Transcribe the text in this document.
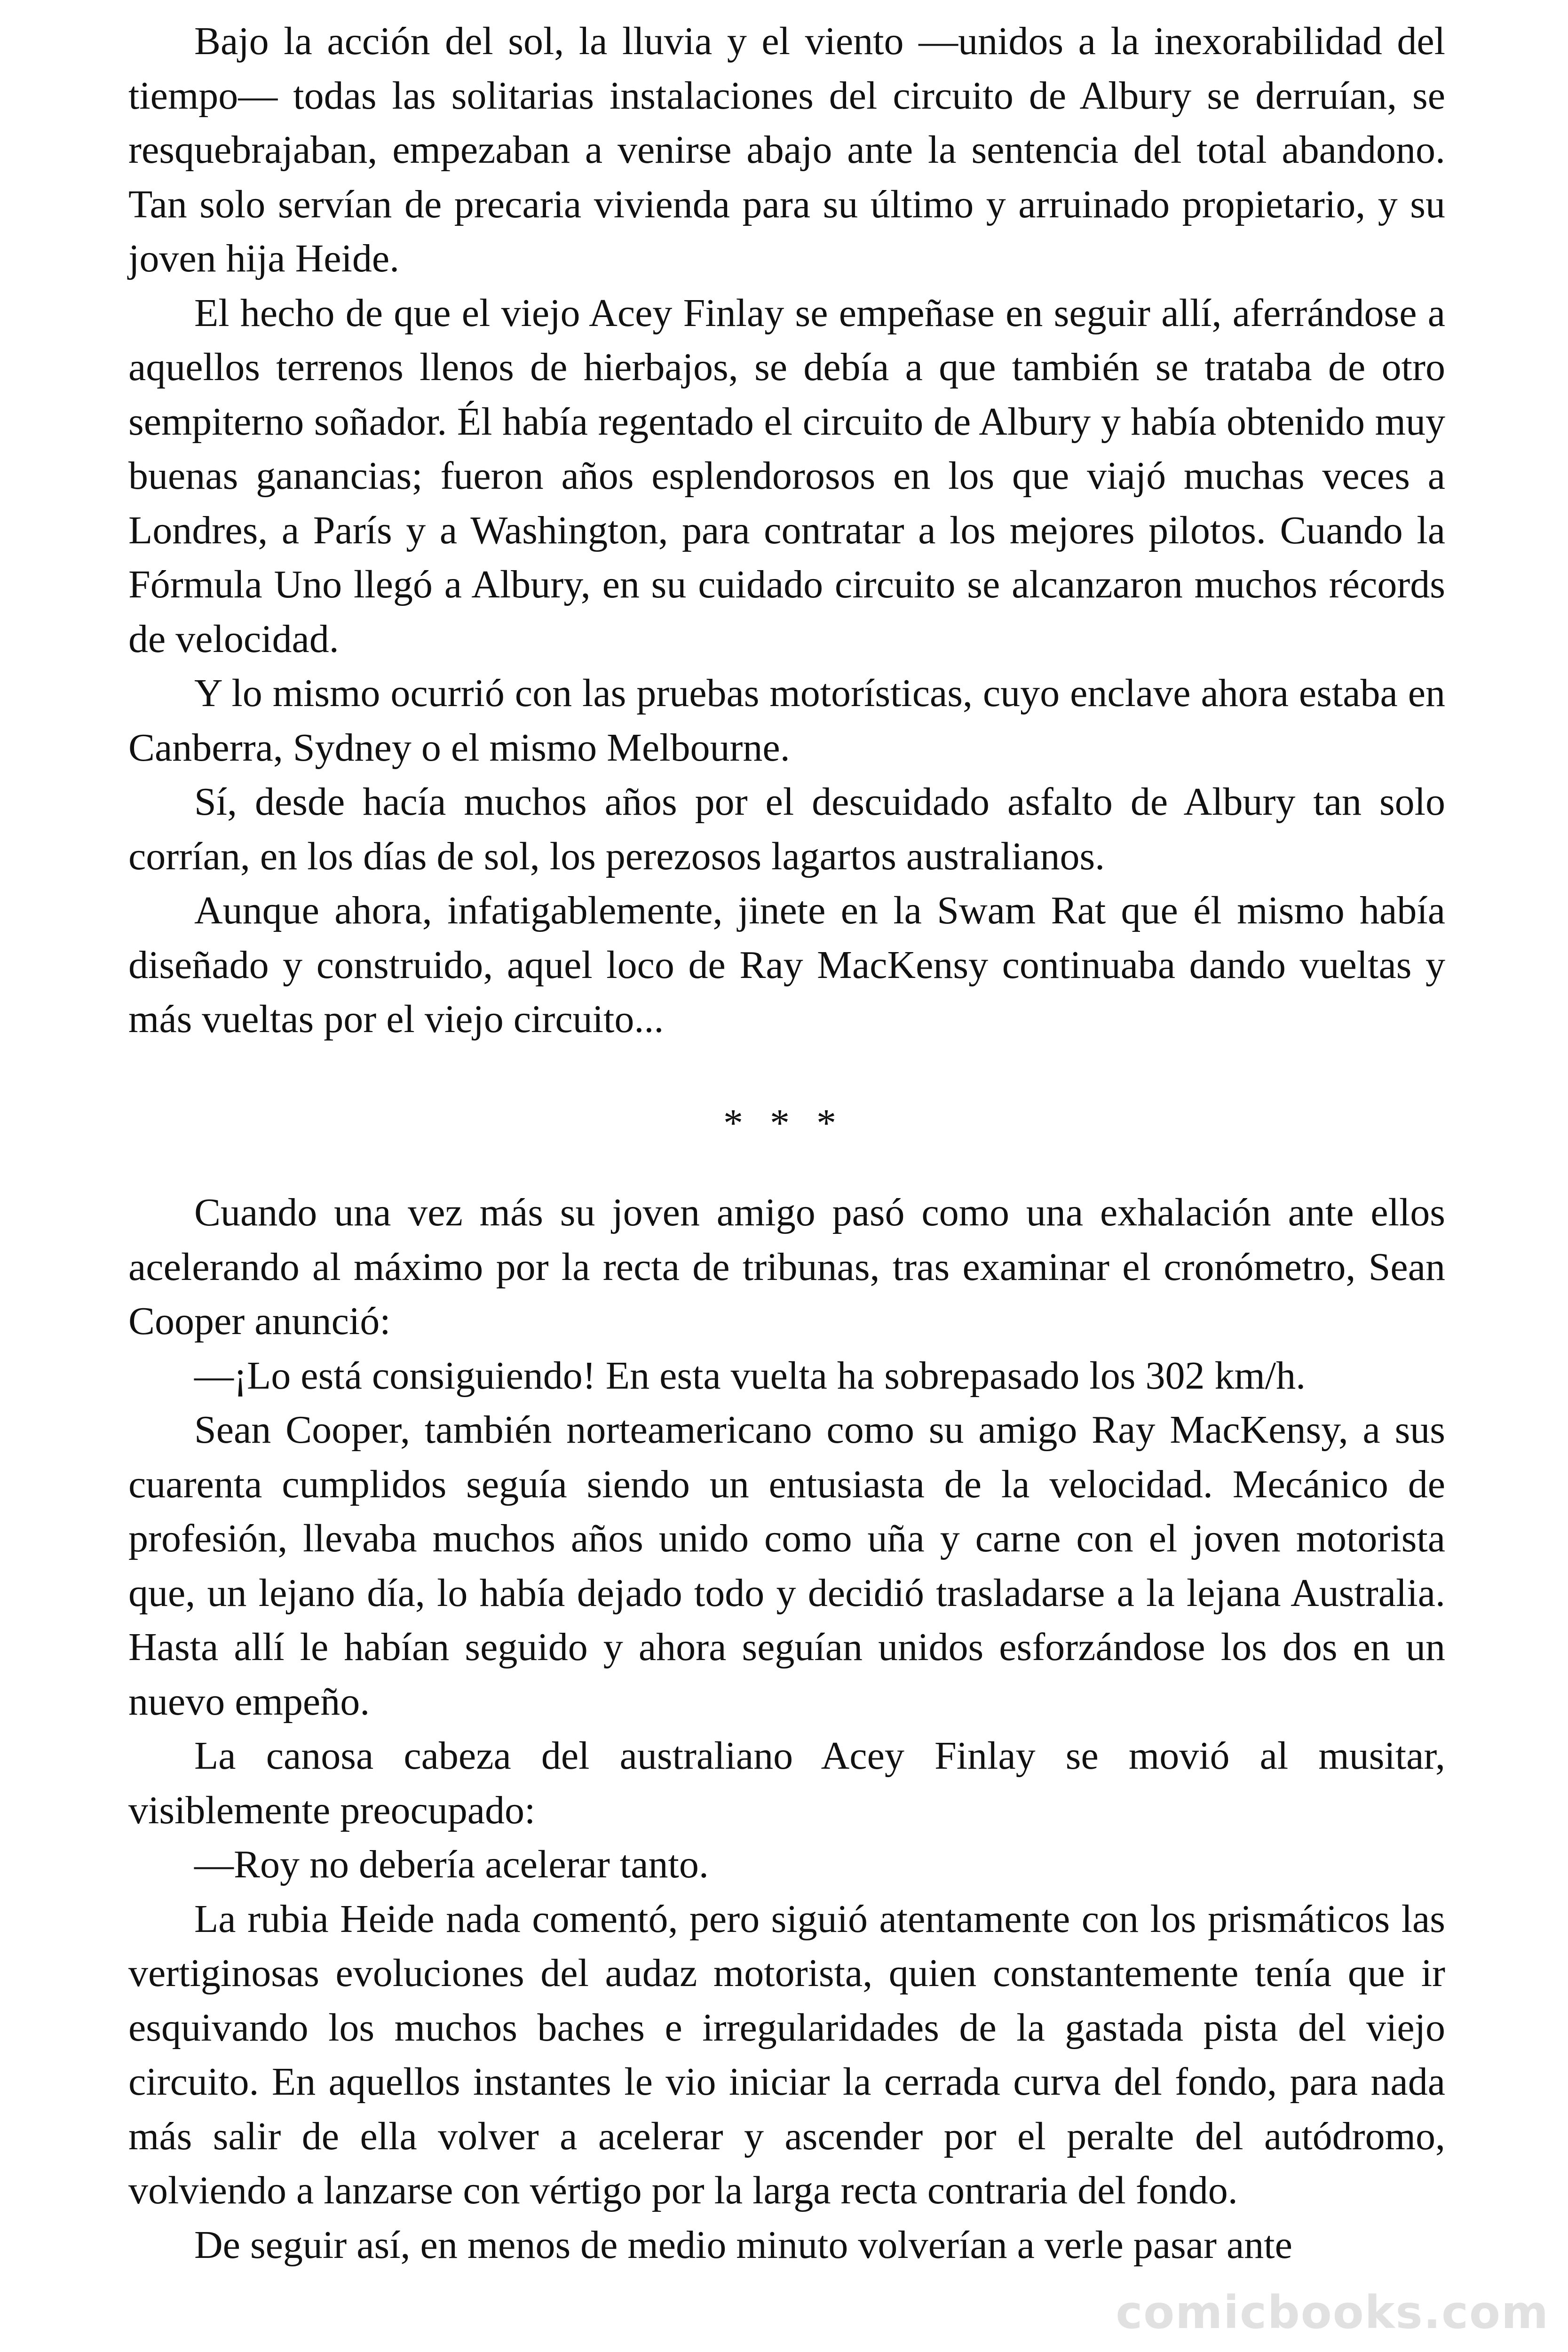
Bajo la acción del sol, la lluvia y el viento —unidos a la inexorabilidad del tiempo— todas las solitarias instalaciones del circuito de Albury se derruían, se resquebrajaban, empezaban a venirse abajo ante la sentencia del total abandono. Tan solo servían de precaria vivienda para su último y arruinado propietario, y su joven hija Heide.

El hecho de que el viejo Acey Finlay se empeñase en seguir allí, aferrándose a aquellos terrenos llenos de hierbajos, se debía a que también se trataba de otro sempiterno soñador. Él había regentado el circuito de Albury y había obtenido muy buenas ganancias; fueron años esplendorosos en los que viajó muchas veces a Londres, a París y a Washington, para contratar a los mejores pilotos. Cuando la Fórmula Uno llegó a Albury, en su cuidado circuito se alcanzaron muchos récords de velocidad.

Y lo mismo ocurrió con las pruebas motorísticas, cuyo enclave ahora estaba en Canberra, Sydney o el mismo Melbourne.

Sí, desde hacía muchos años por el descuidado asfalto de Albury tan solo corrían, en los días de sol, los perezosos lagartos australianos.

Aunque ahora, infatigablemente, jinete en la Swam Rat que él mismo había diseñado y construido, aquel loco de Ray MacKensy continuaba dando vueltas y más vueltas por el viejo circuito...

* * *

Cuando una vez más su joven amigo pasó como una exhalación ante ellos acelerando al máximo por la recta de tribunas, tras examinar el cronómetro, Sean Cooper anunció:

—¡Lo está consiguiendo! En esta vuelta ha sobrepasado los 302 km/h.

Sean Cooper, también norteamericano como su amigo Ray MacKensy, a sus cuarenta cumplidos seguía siendo un entusiasta de la velocidad. Mecánico de profesión, llevaba muchos años unido como uña y carne con el joven motorista que, un lejano día, lo había dejado todo y decidió trasladarse a la lejana Australia. Hasta allí le habían seguido y ahora seguían unidos esforzándose los dos en un nuevo empeño.

La canosa cabeza del australiano Acey Finlay se movió al musitar, visiblemente preocupado:

—Roy no debería acelerar tanto.

La rubia Heide nada comentó, pero siguió atentamente con los prismáticos las vertiginosas evoluciones del audaz motorista, quien constantemente tenía que ir esquivando los muchos baches e irregularidades de la gastada pista del viejo circuito. En aquellos instantes le vio iniciar la cerrada curva del fondo, para nada más salir de ella volver a acelerar y ascender por el peralte del autódromo, volviendo a lanzarse con vértigo por la larga recta contraria del fondo.

De seguir así, en menos de medio minuto volverían a verle pasar ante

comicbooks.com
